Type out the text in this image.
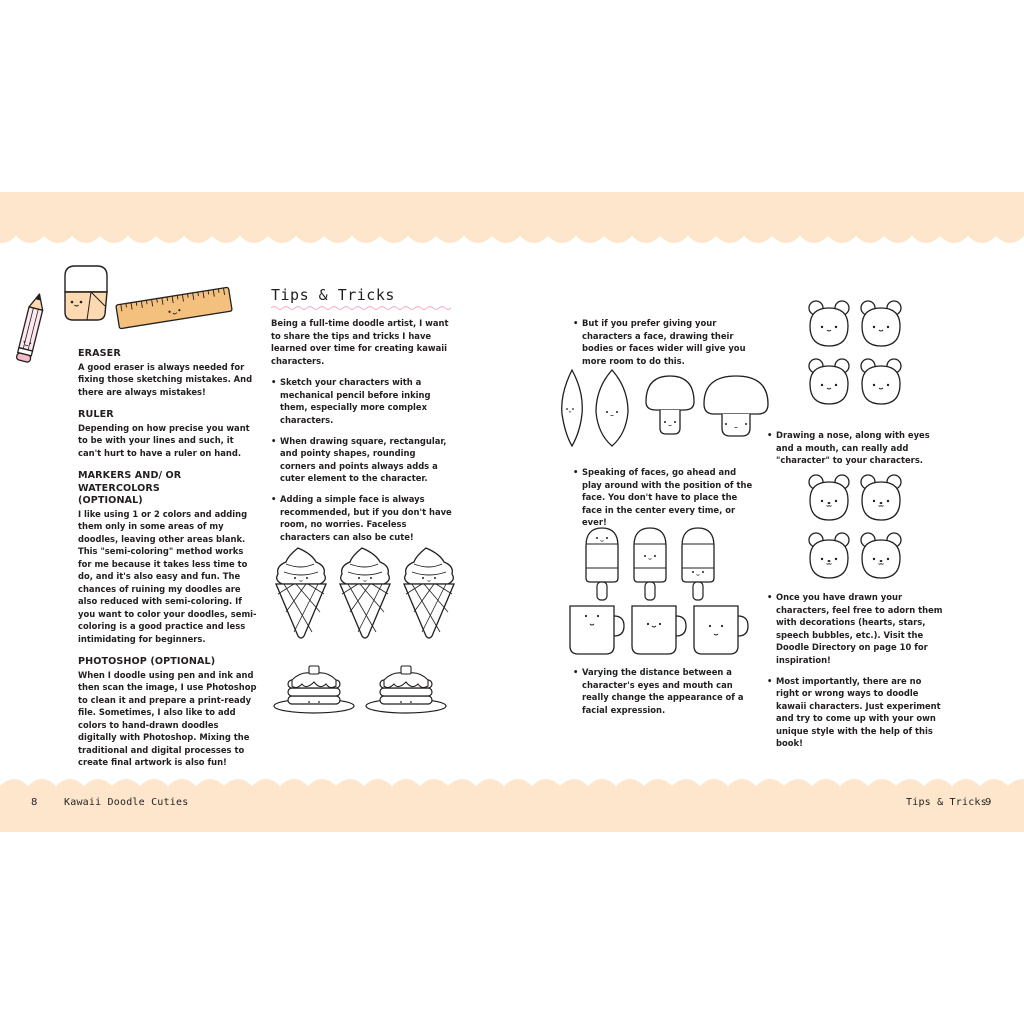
8	Kawaii Doodle Cuties	Tips & Tricks
9

ERASER

A good eraser is always needed for fixing those sketching mistakes. And there are always mistakes!

RULER

Depending on how precise you want to be with your lines and such, it can't hurt to have a ruler on hand.

MARKERS AND/ OR WATERCOLORS (OPTIONAL)

I like using 1 or 2 colors and adding them only in some areas of my doodles, leaving other areas blank. This "semi-coloring" method works for me because it takes less time to do, and it's also easy and fun. The chances of ruining my doodles are also reduced with semi-coloring. If you want to color your doodles, semi-coloring is a good practice and less intimidating for beginners.

PHOTOSHOP (OPTIONAL)

When I doodle using pen and ink and then scan the image, I use Photoshop to clean it and prepare a print-ready file. Sometimes, I also like to add colors to hand-drawn doodles digitally with Photoshop. Mixing the traditional and digital processes to create final artwork is also fun!

Tips & Tricks

Being a full-time doodle artist, I want to share the tips and tricks I have learned over time for creating kawaii characters.

• Sketch your characters with a mechanical pencil before inking them, especially more complex characters.
• When drawing square, rectangular, and pointy shapes, rounding corners and points always adds a cuter element to the character.
• Adding a simple face is always recommended, but if you don't have room, no worries. Faceless characters can also be cute!
• But if you prefer giving your characters a face, drawing their bodies or faces wider will give you more room to do this.
• Speaking of faces, go ahead and play around with the position of the face. You don't have to place the face in the center every time, or ever!
• Varying the distance between a character's eyes and mouth can really change the appearance of a facial expression.
• Drawing a nose, along with eyes and a mouth, can really add "character" to your characters.
• Once you have drawn your characters, feel free to adorn them with decorations (hearts, stars, speech bubbles, etc.). Visit the Doodle Directory on page 10 for inspiration!
• Most importantly, there are no right or wrong ways to doodle kawaii characters. Just experiment and try to come up with your own unique style with the help of this book!
